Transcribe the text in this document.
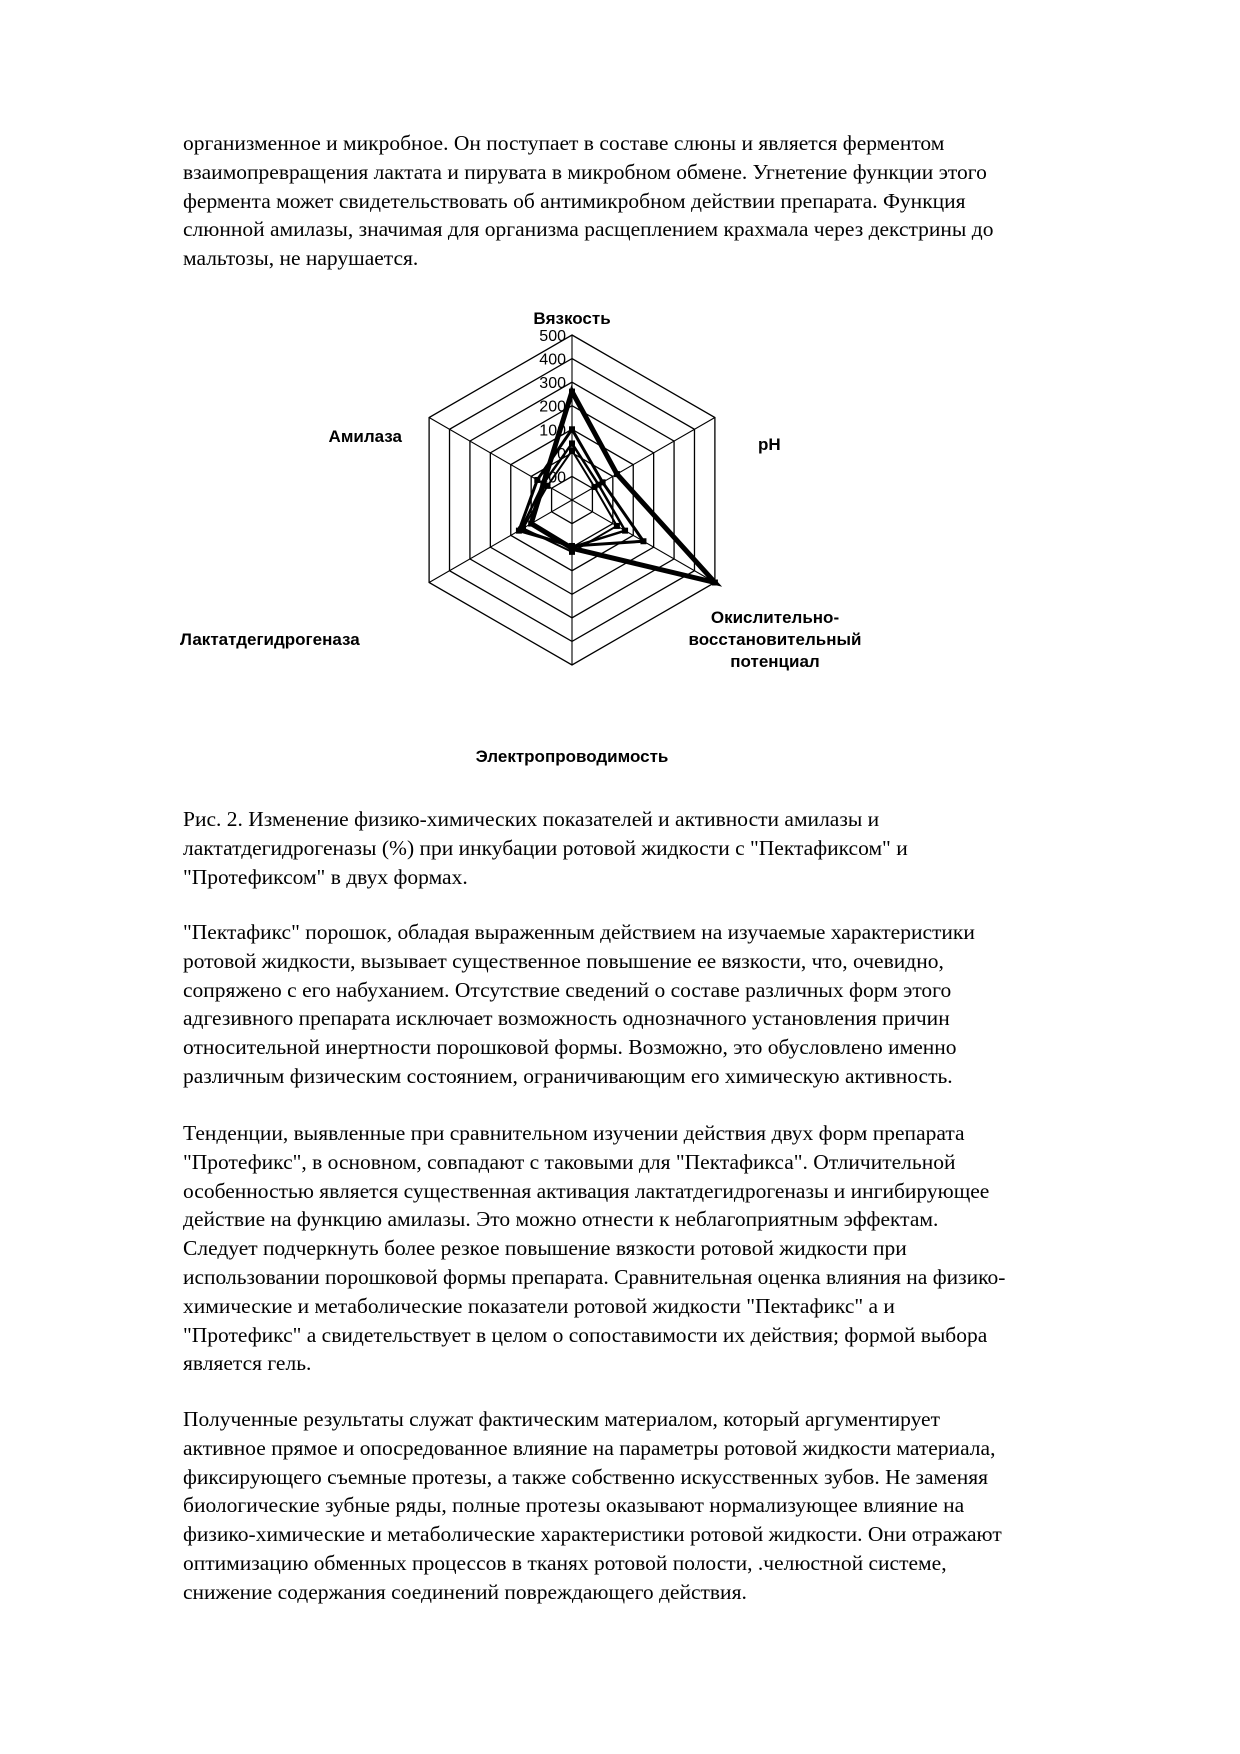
организменное и микробное. Он поступает в составе слюны и является ферментом
взаимопревращения лактата и пирувата в микробном обмене. Угнетение функции этого
фермента может свидетельствовать об антимикробном действии препарата. Функция
слюнной амилазы, значимая для организма расщеплением крахмала через декстрины до
мальтозы, не нарушается.
-100
0
100
200
300
400
500
Вязкость
pH
Окислительно-
восстановительный
потенциал
Электропроводимость
Лактатдегидрогеназа
Амилаза
Рис. 2. Изменение физико-химических показателей и активности амилазы и
лактатдегидрогеназы (%) при инкубации ротовой жидкости с "Пектафиксом" и
"Протефиксом" в двух формах.
"Пектафикс" порошок, обладая выраженным действием на изучаемые характеристики
ротовой жидкости, вызывает существенное повышение ее вязкости, что, очевидно,
сопряжено с его набуханием. Отсутствие сведений о составе различных форм этого
адгезивного препарата исключает возможность однозначного установления причин
относительной инертности порошковой формы. Возможно, это обусловлено именно
различным физическим состоянием, ограничивающим его химическую активность.
Тенденции, выявленные при сравнительном изучении действия двух форм препарата
"Протефикс", в основном, совпадают с таковыми для "Пектафикса". Отличительной
особенностью является существенная активация лактатдегидрогеназы и ингибирующее
действие на функцию амилазы. Это можно отнести к неблагоприятным эффектам.
Следует подчеркнуть более резкое повышение вязкости ротовой жидкости при
использовании порошковой формы препарата. Сравнительная оценка влияния на физико-
химические и метаболические показатели ротовой жидкости "Пектафикс" а и
"Протефикс" а свидетельствует в целом о сопоставимости их действия; формой выбора
является гель.
Полученные результаты служат фактическим материалом, который аргументирует
активное прямое и опосредованное влияние на параметры ротовой жидкости материала,
фиксирующего съемные протезы, а также собственно искусственных зубов. Не заменяя
биологические зубные ряды, полные протезы оказывают нормализующее влияние на
физико-химические и метаболические характеристики ротовой жидкости. Они отражают
оптимизацию обменных процессов в тканях ротовой полости, .челюстной системе,
снижение содержания соединений повреждающего действия.
